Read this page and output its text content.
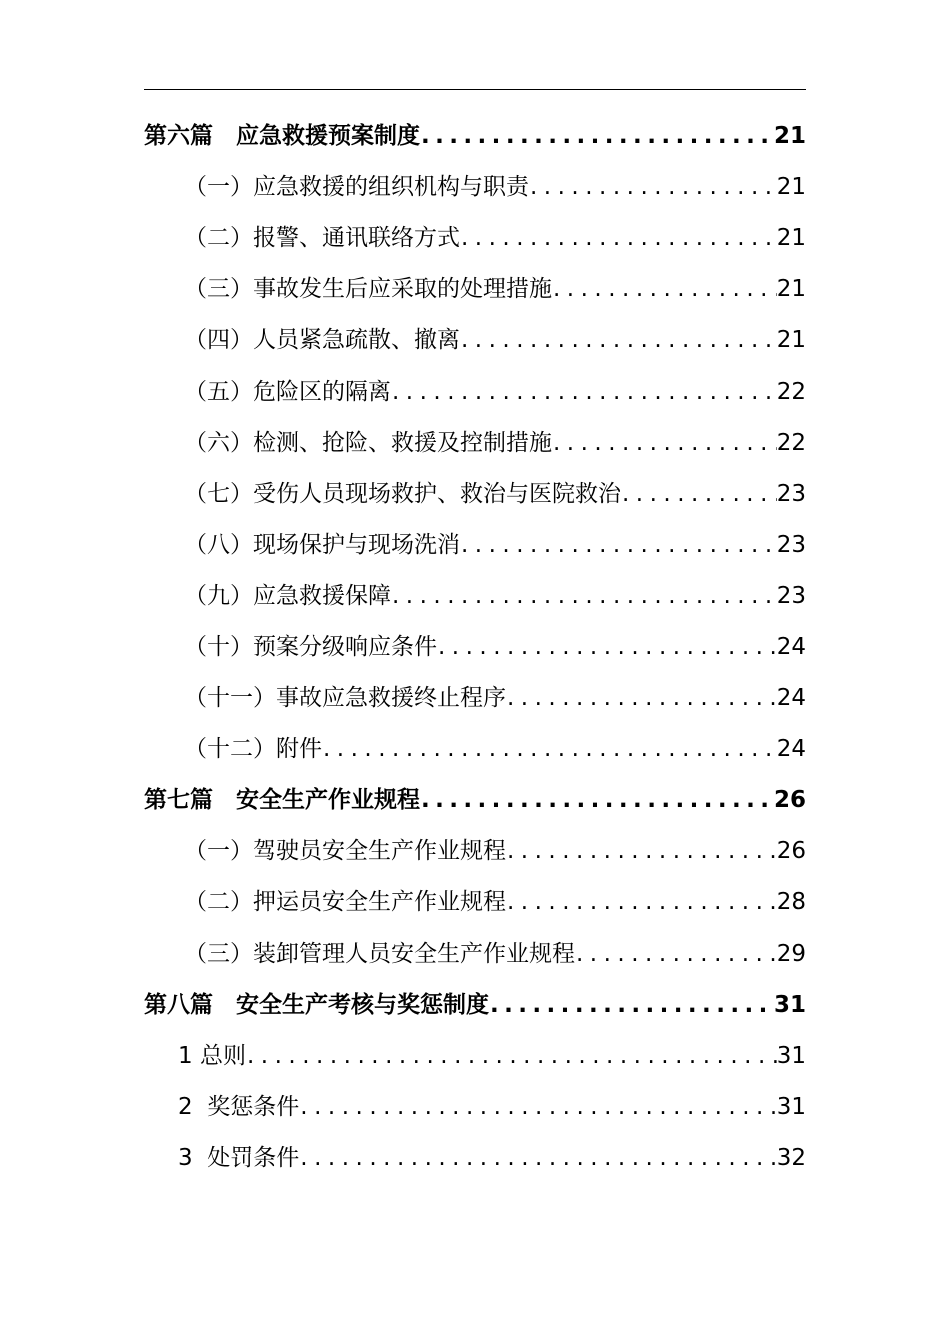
第六篇　应急救援预案制度 .....	21
（一）应急救援的组织机构与职责 .....	21
（二）报警、通讯联络方式 .....	21
（三）事故发生后应采取的处理措施 .....	21
（四）人员紧急疏散、撤离 .....	21
（五）危险区的隔离 .....	22
（六）检测、抢险、救援及控制措施 .....	22
（七）受伤人员现场救护、救治与医院救治 .....	23
（八）现场保护与现场洗消 .....	23
（九）应急救援保障 .....	23
（十）预案分级响应条件 .....	24
（十一）事故应急救援终止程序 .....	24
（十二）附件 .....	24
第七篇　安全生产作业规程 .....	26
（一）驾驶员安全生产作业规程 .....	26
（二）押运员安全生产作业规程 .....	28
（三）装卸管理人员安全生产作业规程 .....	29
第八篇　安全生产考核与奖惩制度 .....	31
1 总则 .....	31
2  奖惩条件 .....	31
3  处罚条件 .....	32
